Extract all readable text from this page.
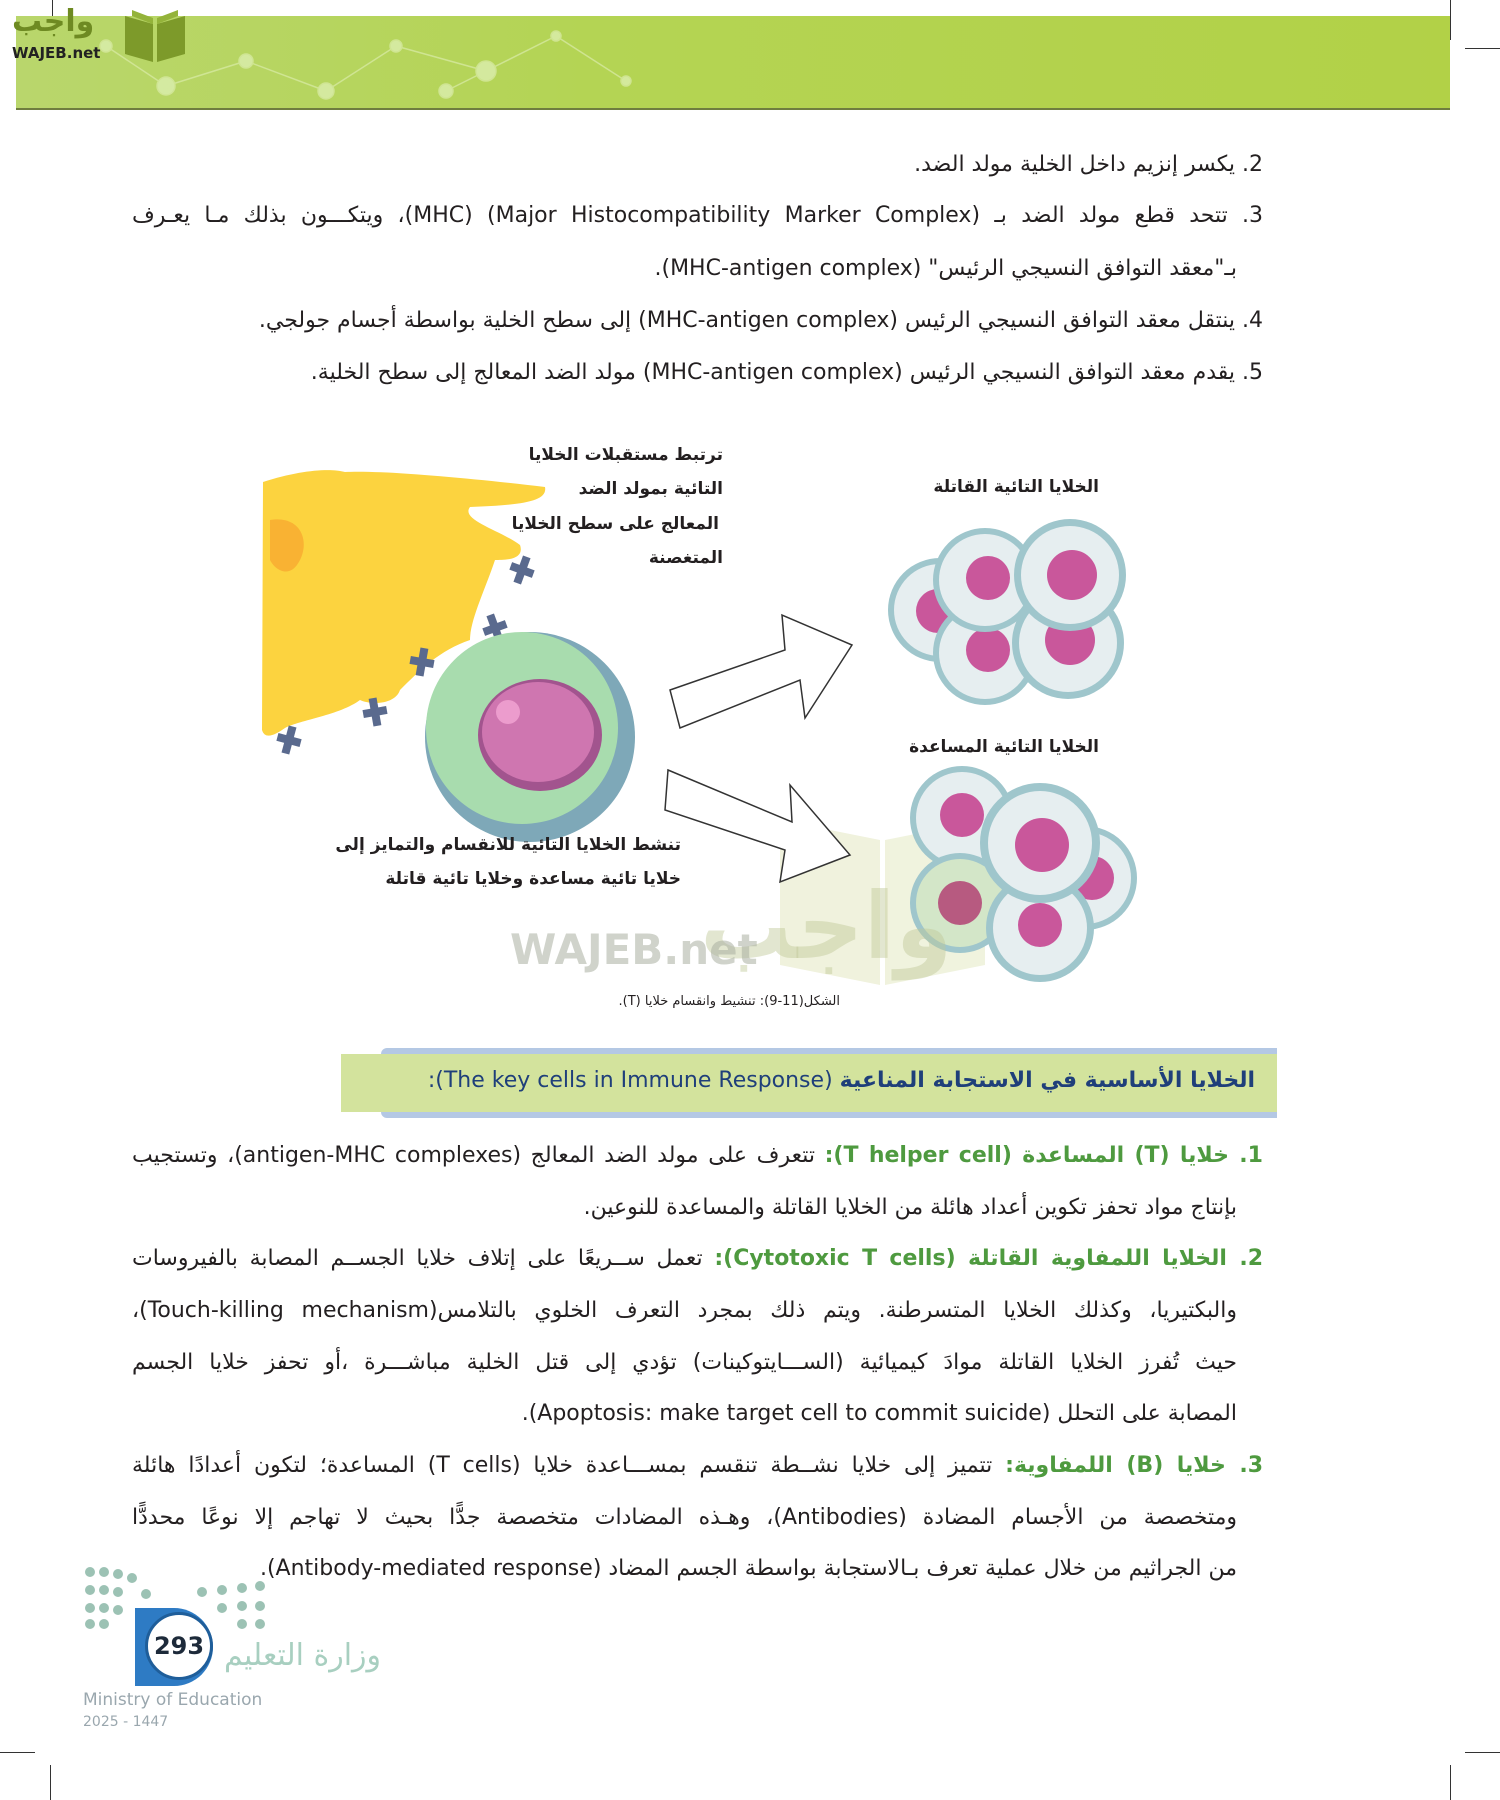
واجب
WAJEB.net
2. يكسر إنزيم داخل الخلية مولد الضد.
3. تتحد قطع مولد الضد بـ (Major Histocompatibility Marker Complex) (MHC)، ويتكـــون بذلك مـا يعـرف
بـ"معقد التوافق النسيجي الرئيس" (MHC-antigen complex).
4. ينتقل معقد التوافق النسيجي الرئيس (MHC-antigen complex) إلى سطح الخلية بواسطة أجسام جولجي.
5. يقدم معقد التوافق النسيجي الرئيس (MHC-antigen complex) مولد الضد المعالج إلى سطح الخلية.
واجب
WAJEB.net
ترتبط مستقبلات الخلايا
التائية بمولد الضد
المعالج على سطح الخلايا
المتغصنة
الخلايا التائية القاتلة
الخلايا التائية المساعدة
تنشط الخلايا التائية للانقسام والتمايز إلى
خلايا تائية مساعدة وخلايا تائية قاتلة
الشكل(11-9): تنشيط وانقسام خلايا (T).
الخلايا الأساسية في الاستجابة المناعية (The key cells in Immune Response):
1. خلايا (T) المساعدة (T helper cell): تتعرف على مولد الضد المعالج (antigen-MHC complexes)، وتستجيب
بإنتاج مواد تحفز تكوين أعداد هائلة من الخلايا القاتلة والمساعدة للنوعين.
2. الخلايا اللمفاوية القاتلة (Cytotoxic T cells): تعمل ســريعًا على إتلاف خلايا الجســم المصابة بالفيروسات
والبكتيريا، وكذلك الخلايا المتسرطنة. ويتم ذلك بمجرد التعرف الخلوي بالتلامس(Touch-killing mechanism)،
حيث تُفرز الخلايا القاتلة موادَ كيميائية (الســـايتوكينات) تؤدي إلى قتل الخلية مباشـــرة ،أو تحفز خلايا الجسم
المصابة على التحلل (Apoptosis: make target cell to commit suicide).
3. خلايا (B) اللمفاوية: تتميز إلى خلايا نشــطة تنقسم بمســـاعدة خلايا (T cells) المساعدة؛ لتكون أعدادًا هائلة
ومتخصصة من الأجسام المضادة (Antibodies)، وهـذه المضادات متخصصة جدًّا بحيث لا تهاجم إلا نوعًا محددًّا
من الجراثيم من خلال عملية تعرف بـالاستجابة بواسطة الجسم المضاد (Antibody-mediated response).
293 وزارة التعليم
Ministry of Education
2025 - 1447
